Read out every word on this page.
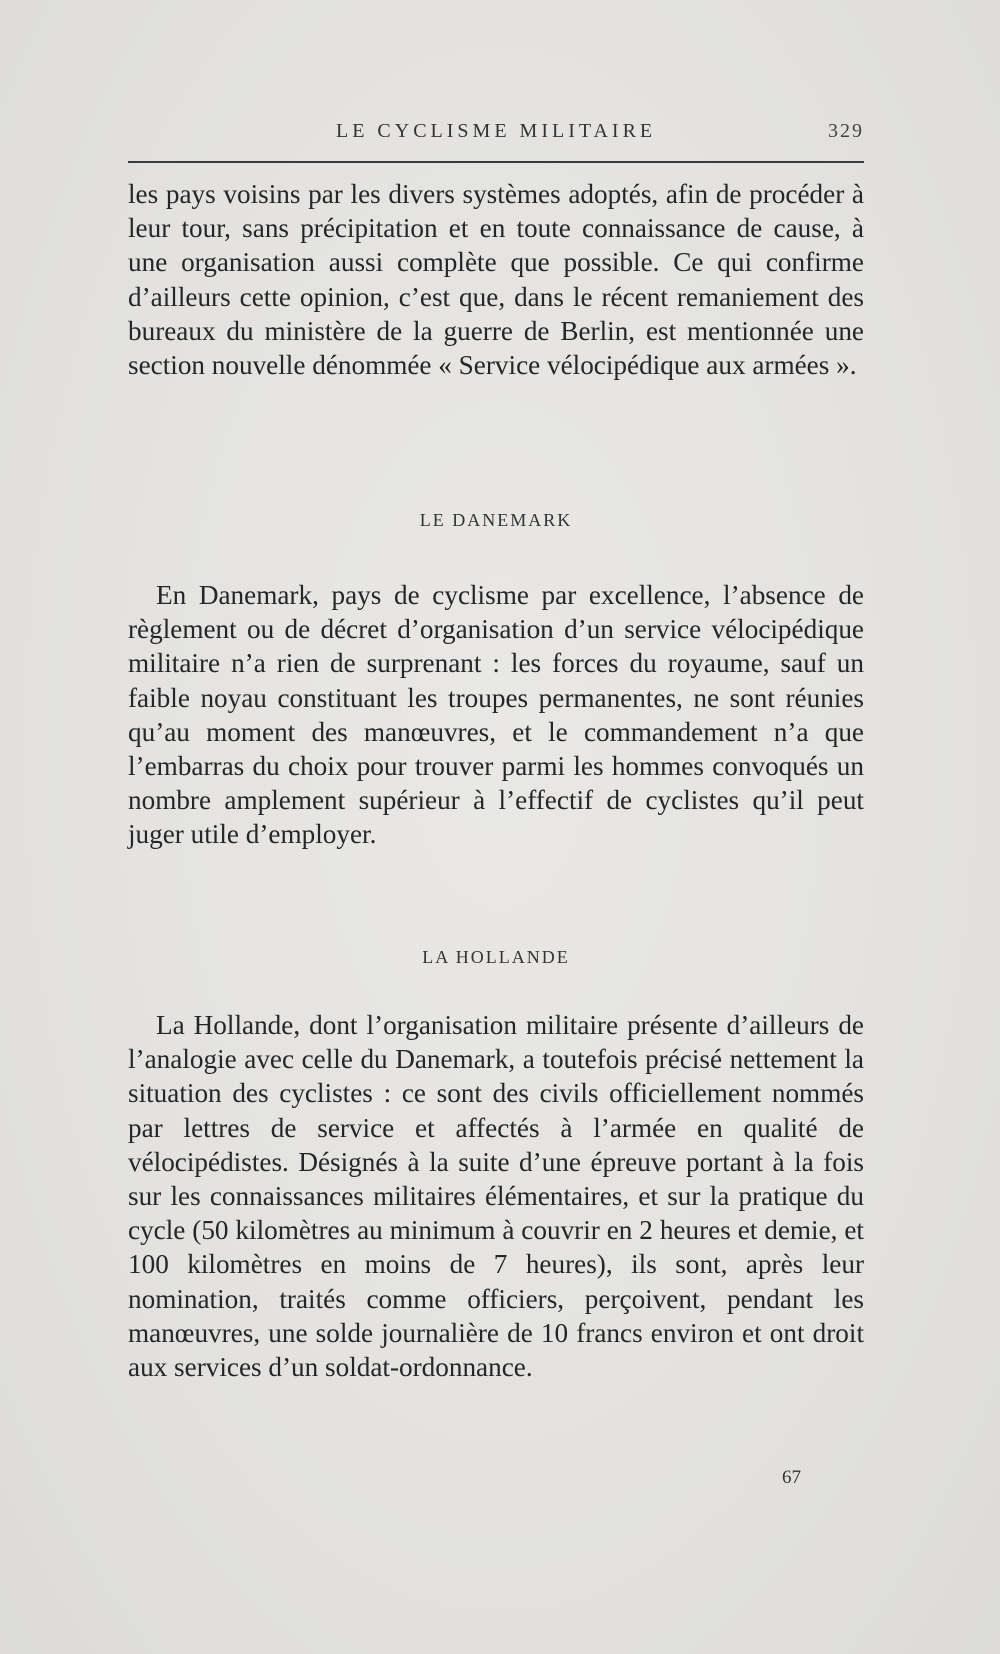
LE CYCLISME MILITAIRE	329

les pays voisins par les divers systèmes adoptés, afin de procéder à leur tour, sans précipitation et en toute connaissance de cause, à une organisation aussi complète que possible. Ce qui confirme d’ailleurs cette opinion, c’est que, dans le récent remaniement des bureaux du ministère de la guerre de Berlin, est mentionnée une section nouvelle dénommée « Service vélocipédique aux armées ».

LE DANEMARK

En Danemark, pays de cyclisme par excellence, l’absence de règlement ou de décret d’organisation d’un service vélocipédique militaire n’a rien de surprenant : les forces du royaume, sauf un faible noyau constituant les troupes permanentes, ne sont réunies qu’au moment des manœuvres, et le commandement n’a que l’embarras du choix pour trouver parmi les hommes convoqués un nombre amplement supérieur à l’effectif de cyclistes qu’il peut juger utile d’employer.

LA HOLLANDE

La Hollande, dont l’organisation militaire présente d’ailleurs de l’analogie avec celle du Danemark, a toutefois précisé nettement la situation des cyclistes : ce sont des civils officiellement nommés par lettres de service et affectés à l’armée en qualité de vélocipédistes. Désignés à la suite d’une épreuve portant à la fois sur les connaissances militaires élémentaires, et sur la pratique du cycle (50 kilomètres au minimum à couvrir en 2 heures et demie, et 100 kilomètres en moins de 7 heures), ils sont, après leur nomination, traités comme officiers, perçoivent, pendant les manœuvres, une solde journalière de 10 francs environ et ont droit aux services d’un soldat-ordonnance.

67
